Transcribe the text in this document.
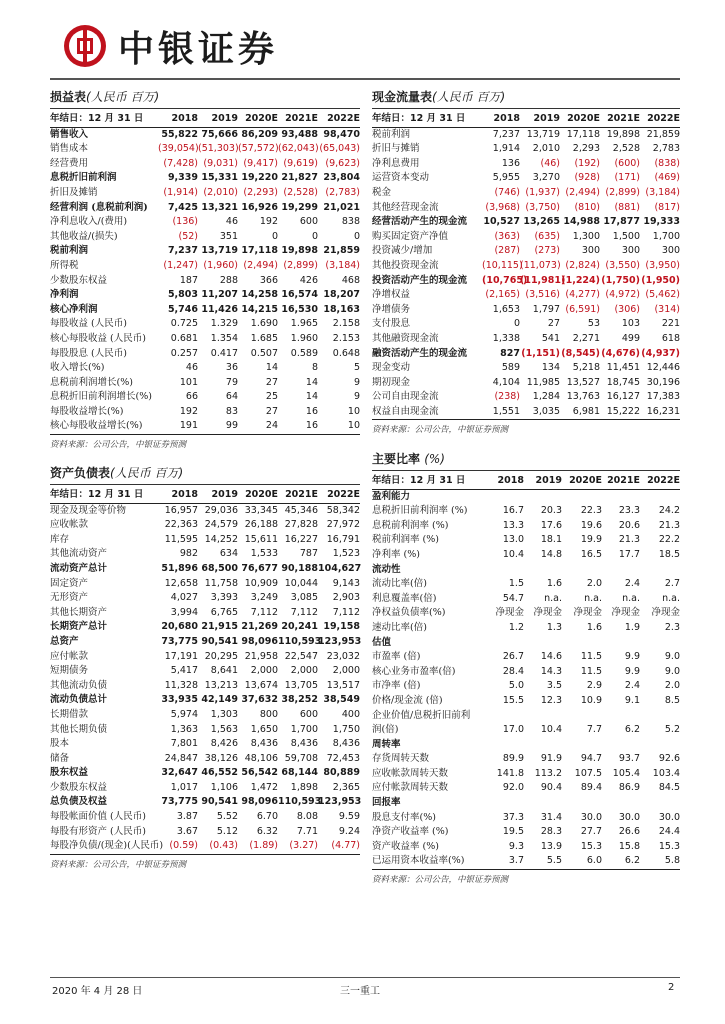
中银证券
损益表(人民币 百万)
年结日：12 月 31 日	2018	2019	2020E	2021E	2022E
销售收入	55,822	75,666	86,209	93,488	98,470
销售成本	(39,054)	(51,303)	(57,572)	(62,043)	(65,043)
经营费用	(7,428)	(9,031)	(9,417)	(9,619)	(9,623)
息税折旧前利润	9,339	15,331	19,220	21,827	23,804
折旧及摊销	(1,914)	(2,010)	(2,293)	(2,528)	(2,783)
经营利润 (息税前利润)	7,425	13,321	16,926	19,299	21,021
净利息收入/(费用)	(136)	46	192	600	838
其他收益/(损失)	(52)	351	0	0	0
税前利润	7,237	13,719	17,118	19,898	21,859
所得税	(1,247)	(1,960)	(2,494)	(2,899)	(3,184)
少数股东权益	187	288	366	426	468
净利润	5,803	11,207	14,258	16,574	18,207
核心净利润	5,746	11,426	14,215	16,530	18,163
每股收益 (人民币)	0.725	1.329	1.690	1.965	2.158
核心每股收益 (人民币)	0.681	1.354	1.685	1.960	2.153
每股股息 (人民币)	0.257	0.417	0.507	0.589	0.648
收入增长(%)	46	36	14	8	5
息税前利润增长(%)	101	79	27	14	9
息税折旧前利润增长(%)	66	64	25	14	9
每股收益增长(%)	192	83	27	16	10
核心每股收益增长(%)	191	99	24	16	10
资料来源：公司公告，中银证券预测
现金流量表(人民币 百万)
年结日：12 月 31 日	2018	2019	2020E	2021E	2022E
税前利润	7,237	13,719	17,118	19,898	21,859
折旧与摊销	1,914	2,010	2,293	2,528	2,783
净利息费用	136	(46)	(192)	(600)	(838)
运营资本变动	5,955	3,270	(928)	(171)	(469)
税金	(746)	(1,937)	(2,494)	(2,899)	(3,184)
其他经营现金流	(3,968)	(3,750)	(810)	(881)	(817)
经营活动产生的现金流	10,527	13,265	14,988	17,877	19,333
购买固定资产净值	(363)	(635)	1,300	1,500	1,700
投资减少/增加	(287)	(273)	300	300	300
其他投资现金流	(10,115)	(11,073)	(2,824)	(3,550)	(3,950)
投资活动产生的现金流	(10,765)	(11,981)	(1,224)	(1,750)	(1,950)
净增权益	(2,165)	(3,516)	(4,277)	(4,972)	(5,462)
净增债务	1,653	1,797	(6,591)	(306)	(314)
支付股息	0	27	53	103	221
其他融资现金流	1,338	541	2,271	499	618
融资活动产生的现金流	827	(1,151)	(8,545)	(4,676)	(4,937)
现金变动	589	134	5,218	11,451	12,446
期初现金	4,104	11,985	13,527	18,745	30,196
公司自由现金流	(238)	1,284	13,763	16,127	17,383
权益自由现金流	1,551	3,035	6,981	15,222	16,231
资料来源：公司公告，中银证券预测
资产负债表(人民币 百万)
年结日：12 月 31 日	2018	2019	2020E	2021E	2022E
现金及现金等价物	16,957	29,036	33,345	45,346	58,342
应收帐款	22,363	24,579	26,188	27,828	27,972
库存	11,595	14,252	15,611	16,227	16,791
其他流动资产	982	634	1,533	787	1,523
流动资产总计	51,896	68,500	76,677	90,188	104,627
固定资产	12,658	11,758	10,909	10,044	9,143
无形资产	4,027	3,393	3,249	3,085	2,903
其他长期资产	3,994	6,765	7,112	7,112	7,112
长期资产总计	20,680	21,915	21,269	20,241	19,158
总资产	73,775	90,541	98,096	110,593	123,953
应付帐款	17,191	20,295	21,958	22,547	23,032
短期债务	5,417	8,641	2,000	2,000	2,000
其他流动负债	11,328	13,213	13,674	13,705	13,517
流动负债总计	33,935	42,149	37,632	38,252	38,549
长期借款	5,974	1,303	800	600	400
其他长期负债	1,363	1,563	1,650	1,700	1,750
股本	7,801	8,426	8,436	8,436	8,436
储备	24,847	38,126	48,106	59,708	72,453
股东权益	32,647	46,552	56,542	68,144	80,889
少数股东权益	1,017	1,106	1,472	1,898	2,365
总负债及权益	73,775	90,541	98,096	110,593	123,953
每股帐面价值 (人民币)	3.87	5.52	6.70	8.08	9.59
每股有形资产 (人民币)	3.67	5.12	6.32	7.71	9.24
每股净负债/(现金)(人民币)	(0.59)	(0.43)	(1.89)	(3.27)	(4.77)
资料来源：公司公告，中银证券预测
主要比率 (%)
年结日：12 月 31 日	2018	2019	2020E	2021E	2022E
盈利能力					
息税折旧前利润率 (%)	16.7	20.3	22.3	23.3	24.2
息税前利润率 (%)	13.3	17.6	19.6	20.6	21.3
税前利润率 (%)	13.0	18.1	19.9	21.3	22.2
净利率 (%)	10.4	14.8	16.5	17.7	18.5
流动性					
流动比率(倍)	1.5	1.6	2.0	2.4	2.7
利息覆盖率(倍)	54.7	n.a.	n.a.	n.a.	n.a.
净权益负债率(%)	净现金	净现金	净现金	净现金	净现金
速动比率(倍)	1.2	1.3	1.6	1.9	2.3
估值					
市盈率 (倍)	26.7	14.6	11.5	9.9	9.0
核心业务市盈率(倍)	28.4	14.3	11.5	9.9	9.0
市净率 (倍)	5.0	3.5	2.9	2.4	2.0
价格/现金流 (倍)	15.5	12.3	10.9	9.1	8.5
企业价值/息税折旧前利					
润(倍)	17.0	10.4	7.7	6.2	5.2
周转率					
存货周转天数	89.9	91.9	94.7	93.7	92.6
应收帐款周转天数	141.8	113.2	107.5	105.4	103.4
应付帐款周转天数	92.0	90.4	89.4	86.9	84.5
回报率					
股息支付率(%)	37.3	31.4	30.0	30.0	30.0
净资产收益率 (%)	19.5	28.3	27.7	26.6	24.4
资产收益率 (%)	9.3	13.9	15.3	15.8	15.3
已运用资本收益率(%)	3.7	5.5	6.0	6.2	5.8
资料来源：公司公告，中银证券预测
2020 年 4 月 28 日	三一重工	2
